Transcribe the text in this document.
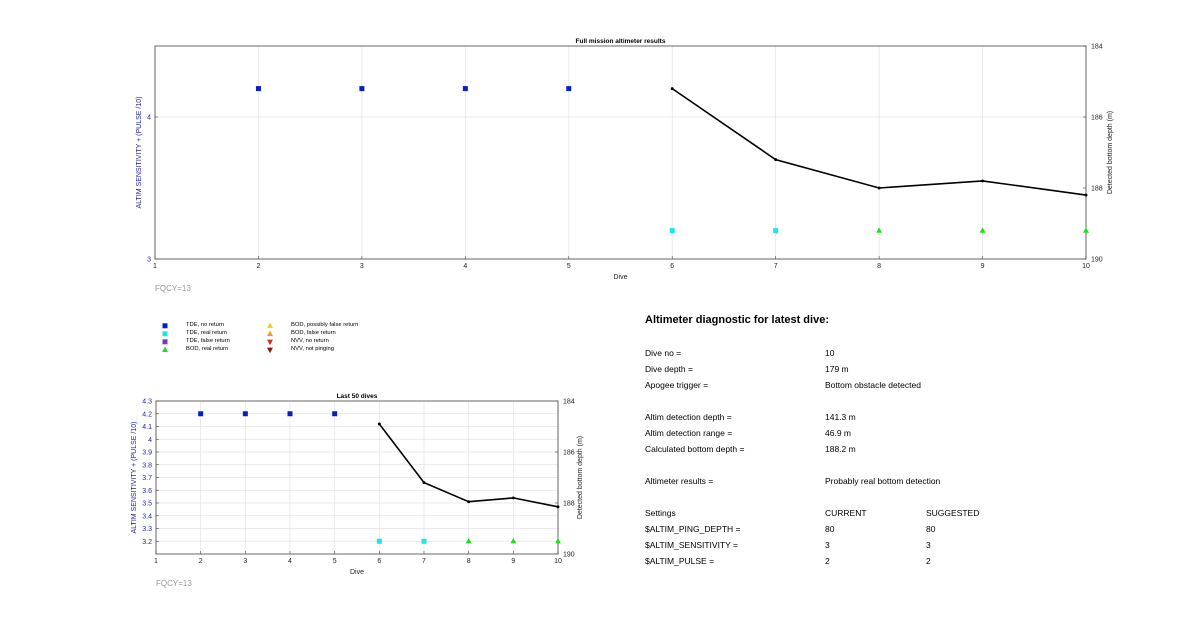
1	2	3	4	5	6	7	8	9	10
3
4
184
186
188
190
Full mission altimeter results
Dive
ALTIM SENSITIVITY + (PULSE /10)	Detected bottom depth (m)
FQCY=13
TDE, no return
TDE, real return
TDE, false return
BOD, real return
BOD, possibly false return
BOD, false return
NVV, no return
NVV, not pinging
1	2	3	4	5	6	7	8	9	10
3.2
3.3
3.4
3.5
3.6
3.7
3.8
3.9
4
4.1
4.2
4.3	184
186
188
190
Last 50 dives
Dive
ALTIM SENSITIVITY + (PULSE /10)	Detected bottom depth (m)
FQCY=13
Altimeter diagnostic for latest dive:
Dive no =	10
Dive depth =	179 m
Apogee trigger =	Bottom obstacle detected
Altim detection depth =	141.3 m
Altim detection range =	46.9 m
Calculated bottom depth =	188.2 m
Altimeter results =	Probably real bottom detection
Settings	CURRENT	SUGGESTED
$ALTIM_PING_DEPTH =	80	80
$ALTIM_SENSITIVITY =	3	3
$ALTIM_PULSE =	2	2
